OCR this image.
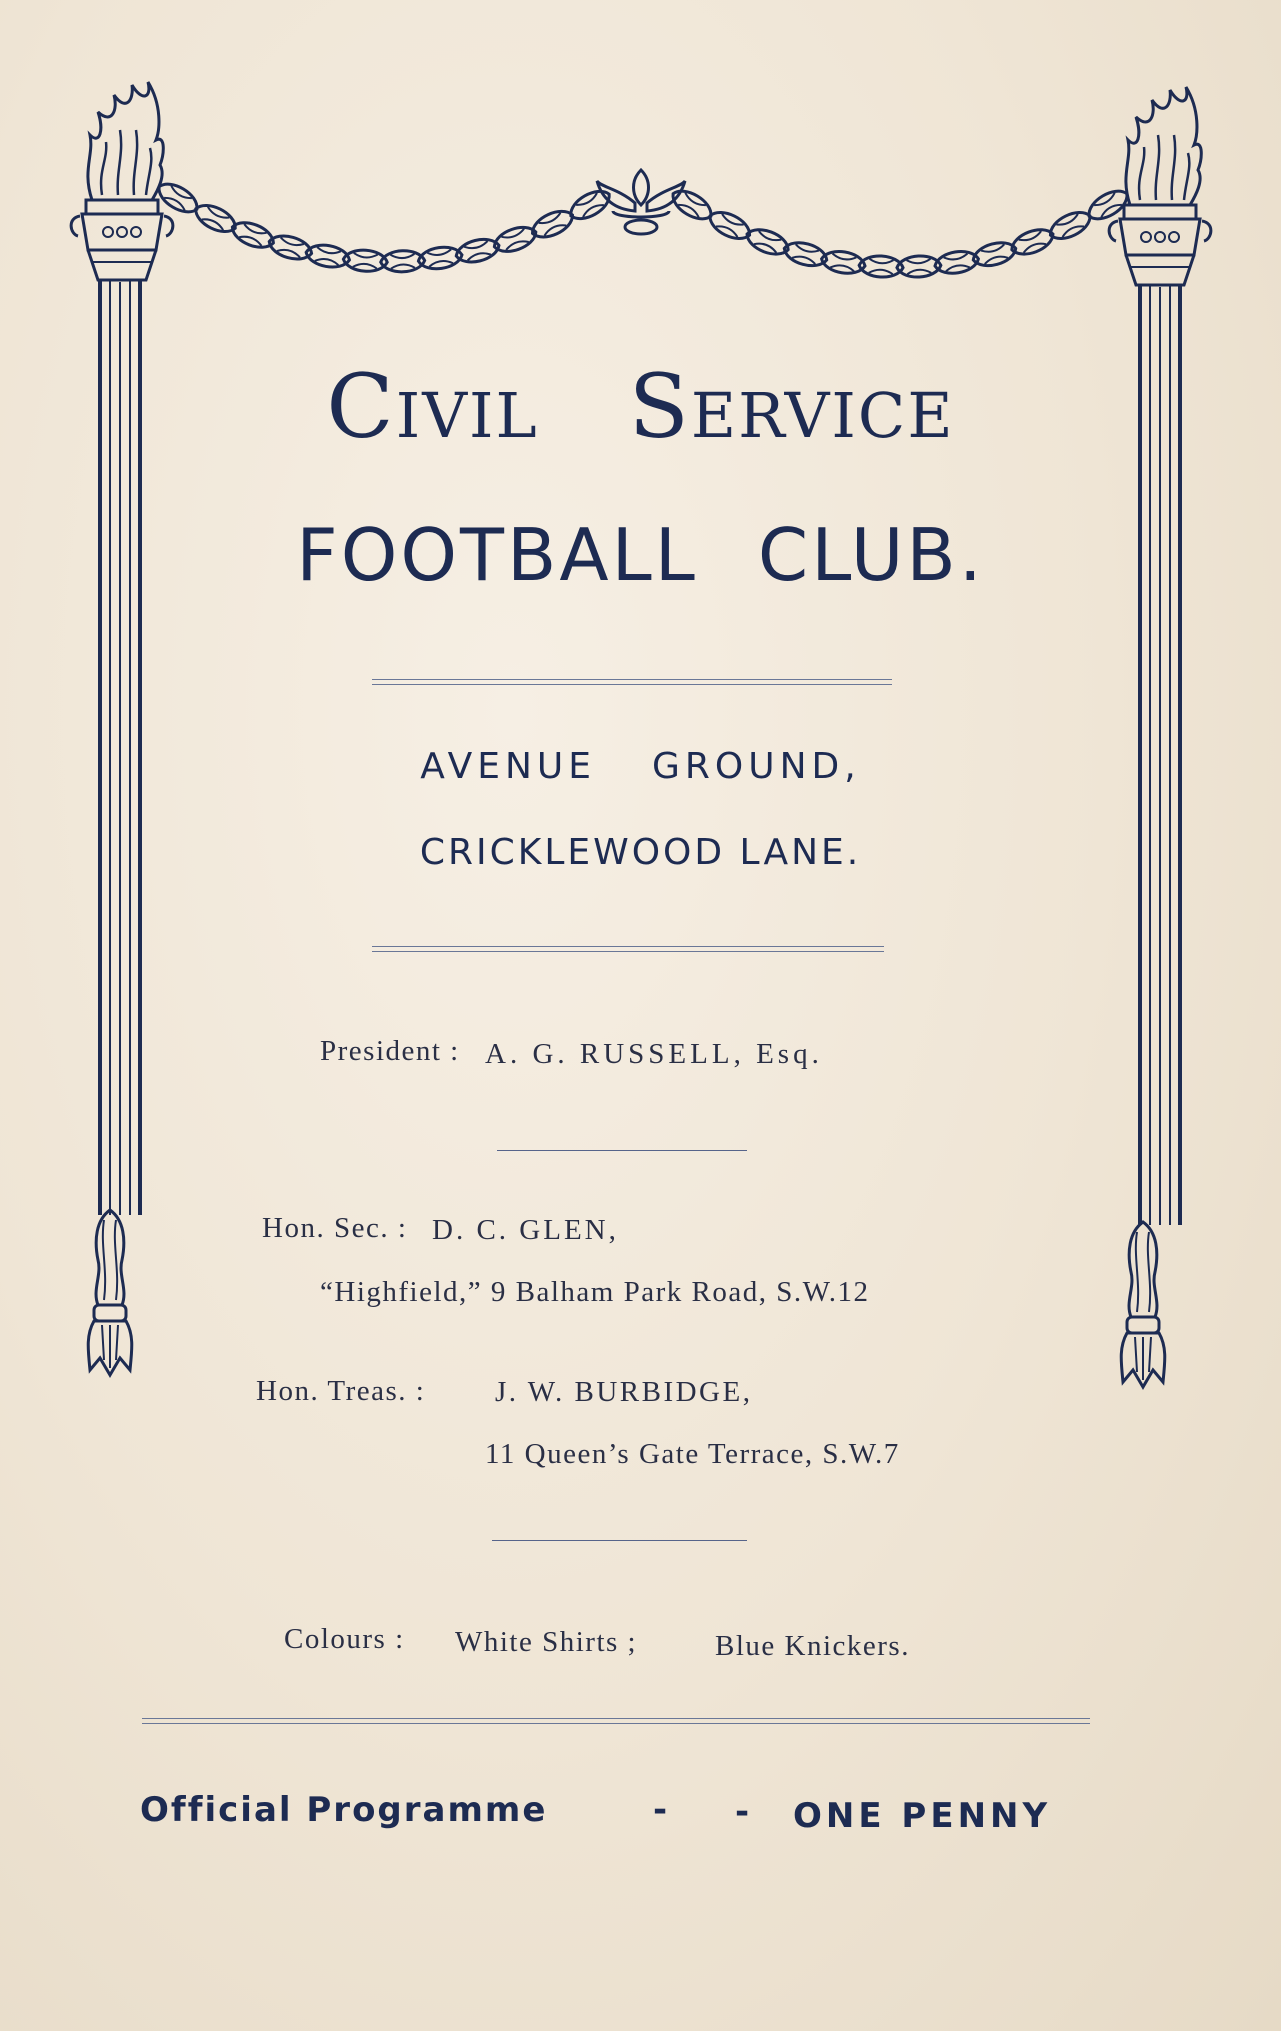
Civil Service
FOOTBALL CLUB.
AVENUE GROUND,
CRICKLEWOOD LANE.
President : A. G. RUSSELL, Esq.
Hon. Sec. : D. C. GLEN,
“Highfield,” 9 Balham Park Road, S.W.12
Hon. Treas. : J. W. BURBIDGE,
11 Queen’s Gate Terrace, S.W.7
Colours : White Shirts ;	Blue Knickers.
Official Programme	- - ONE PENNY
